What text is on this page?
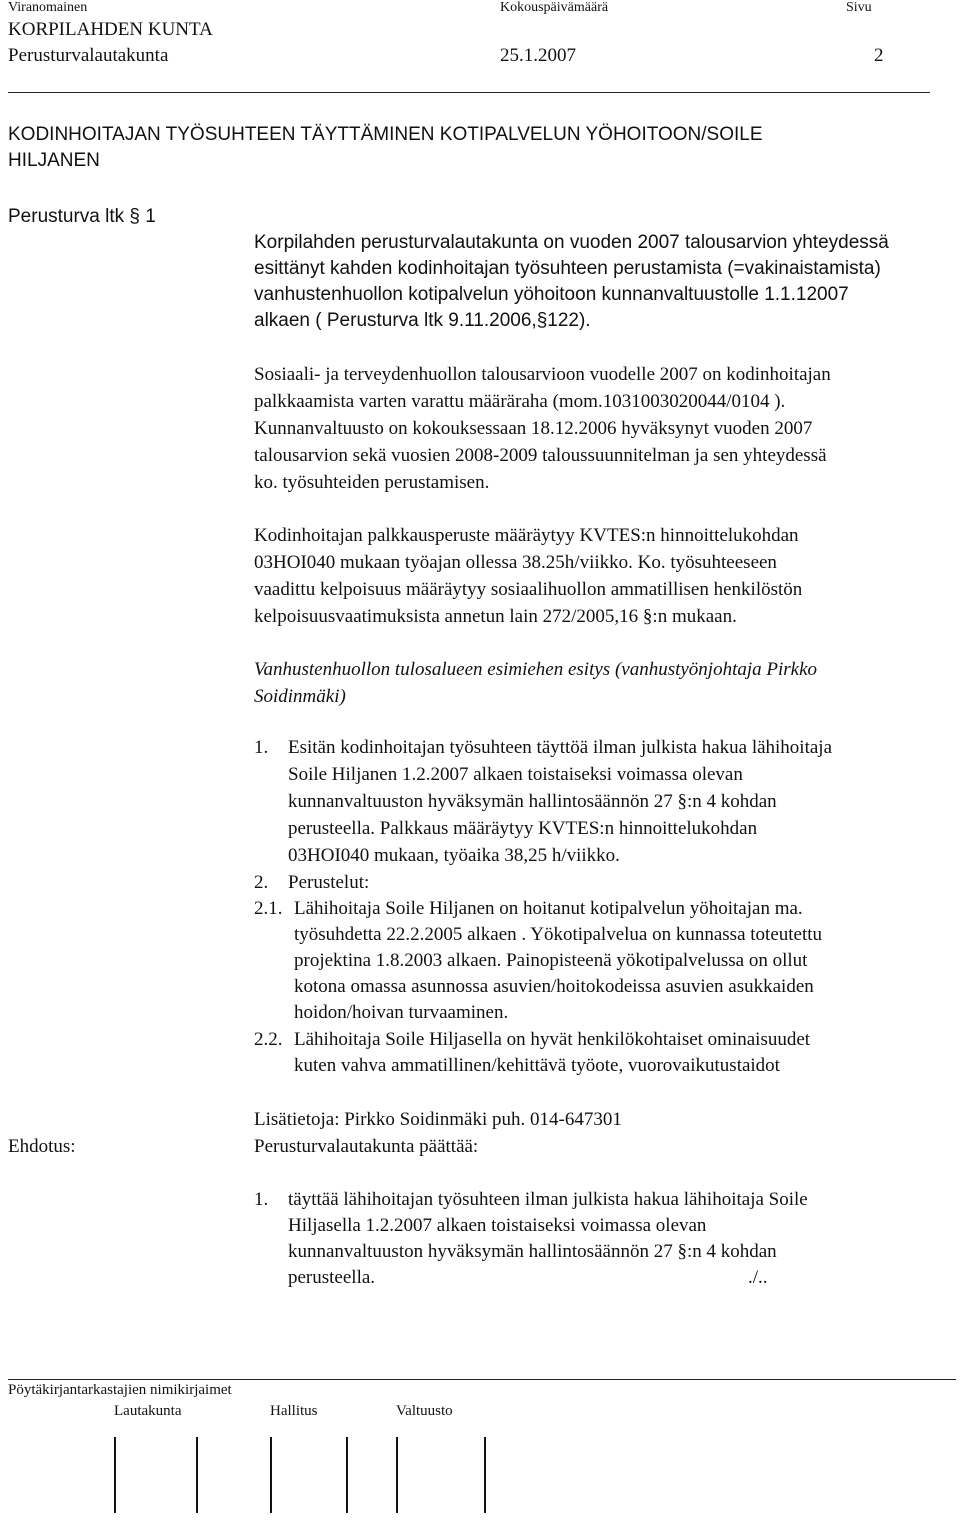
Viranomainen	Kokouspäivämäärä	Sivu
KORPILAHDEN KUNTA
Perusturvalautakunta	25.1.2007	2
KODINHOITAJAN TYÖSUHTEEN TÄYTTÄMINEN KOTIPALVELUN YÖHOITOON/SOILE
HILJANEN
Perusturva ltk § 1
Korpilahden perusturvalautakunta on vuoden 2007 talousarvion yhteydessä
esittänyt kahden kodinhoitajan työsuhteen perustamista (=vakinaistamista)
vanhustenhuollon kotipalvelun yöhoitoon kunnanvaltuustolle 1.1.12007
alkaen ( Perusturva ltk 9.11.2006,§122).
Sosiaali- ja terveydenhuollon talousarvioon vuodelle 2007 on kodinhoitajan
palkkaamista varten varattu määräraha (mom.1031003020044/0104 ).
Kunnanvaltuusto on kokouksessaan 18.12.2006 hyväksynyt vuoden 2007
talousarvion sekä vuosien 2008-2009 taloussuunnitelman ja sen yhteydessä
ko. työsuhteiden perustamisen.
Kodinhoitajan palkkausperuste määräytyy KVTES:n hinnoittelukohdan
03HOI040 mukaan työajan ollessa 38.25h/viikko. Ko. työsuhteeseen
vaadittu kelpoisuus määräytyy sosiaalihuollon ammatillisen henkilöstön
kelpoisuusvaatimuksista annetun lain 272/2005,16 §:n mukaan.
Vanhustenhuollon tulosalueen esimiehen esitys (vanhustyönjohtaja Pirkko
Soidinmäki)
1. Esitän kodinhoitajan työsuhteen täyttöä ilman julkista hakua lähihoitaja
Soile Hiljanen 1.2.2007 alkaen toistaiseksi voimassa olevan
kunnanvaltuuston hyväksymän hallintosäännön 27 §:n 4 kohdan
perusteella. Palkkaus määräytyy KVTES:n hinnoittelukohdan
03HOI040 mukaan, työaika 38,25 h/viikko.
2. Perustelut:
2.1. Lähihoitaja Soile Hiljanen on hoitanut kotipalvelun yöhoitajan ma.
työsuhdetta 22.2.2005 alkaen . Yökotipalvelua on kunnassa toteutettu
projektina 1.8.2003 alkaen. Painopisteenä yökotipalvelussa on ollut
kotona omassa asunnossa asuvien/hoitokodeissa asuvien asukkaiden
hoidon/hoivan turvaaminen.
2.2. Lähihoitaja Soile Hiljasella on hyvät henkilökohtaiset ominaisuudet
kuten vahva ammatillinen/kehittävä työote, vuorovaikutustaidot
Lisätietoja: Pirkko Soidinmäki puh. 014-647301
Ehdotus:	Perusturvalautakunta päättää:
1. täyttää lähihoitajan työsuhteen ilman julkista hakua lähihoitaja Soile
Hiljasella 1.2.2007 alkaen toistaiseksi voimassa olevan
kunnanvaltuuston hyväksymän hallintosäännön 27 §:n 4 kohdan
perusteella.	./..
Pöytäkirjantarkastajien nimikirjaimet
Lautakunta	Hallitus	Valtuusto
